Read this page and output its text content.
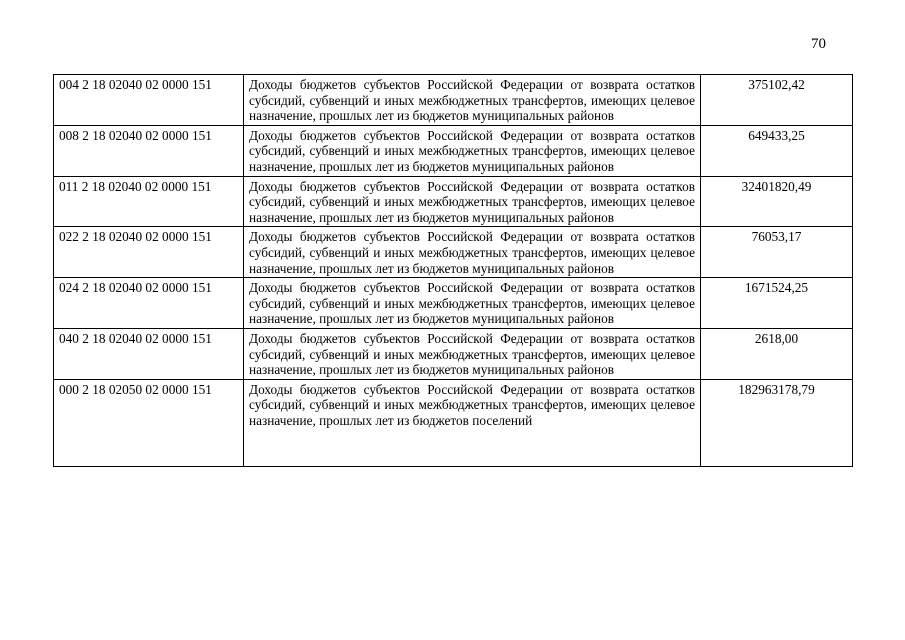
70
004 2 18 02040 02 0000 151	Доходы бюджетов субъектов Российской Федерации от возврата остатков субсидий, субвенций и иных межбюджетных трансфертов, имеющих целевое назначение, прошлых лет из бюджетов муниципальных районов	375102,42
008 2 18 02040 02 0000 151	Доходы бюджетов субъектов Российской Федерации от возврата остатков субсидий, субвенций и иных межбюджетных трансфертов, имеющих целевое назначение, прошлых лет из бюджетов муниципальных районов	649433,25
011 2 18 02040 02 0000 151	Доходы бюджетов субъектов Российской Федерации от возврата остатков субсидий, субвенций и иных межбюджетных трансфертов, имеющих целевое назначение, прошлых лет из бюджетов муниципальных районов	32401820,49
022 2 18 02040 02 0000 151	Доходы бюджетов субъектов Российской Федерации от возврата остатков субсидий, субвенций и иных межбюджетных трансфертов, имеющих целевое назначение, прошлых лет из бюджетов муниципальных районов	76053,17
024 2 18 02040 02 0000 151	Доходы бюджетов субъектов Российской Федерации от возврата остатков субсидий, субвенций и иных межбюджетных трансфертов, имеющих целевое назначение, прошлых лет из бюджетов муниципальных районов	1671524,25
040 2 18 02040 02 0000 151	Доходы бюджетов субъектов Российской Федерации от возврата остатков субсидий, субвенций и иных межбюджетных трансфертов, имеющих целевое назначение, прошлых лет из бюджетов муниципальных районов	2618,00
000 2 18 02050 02 0000 151	Доходы бюджетов субъектов Российской Федерации от возврата остатков субсидий, субвенций и иных межбюджетных трансфертов, имеющих целевое назначение, прошлых лет из бюджетов поселений	182963178,79
